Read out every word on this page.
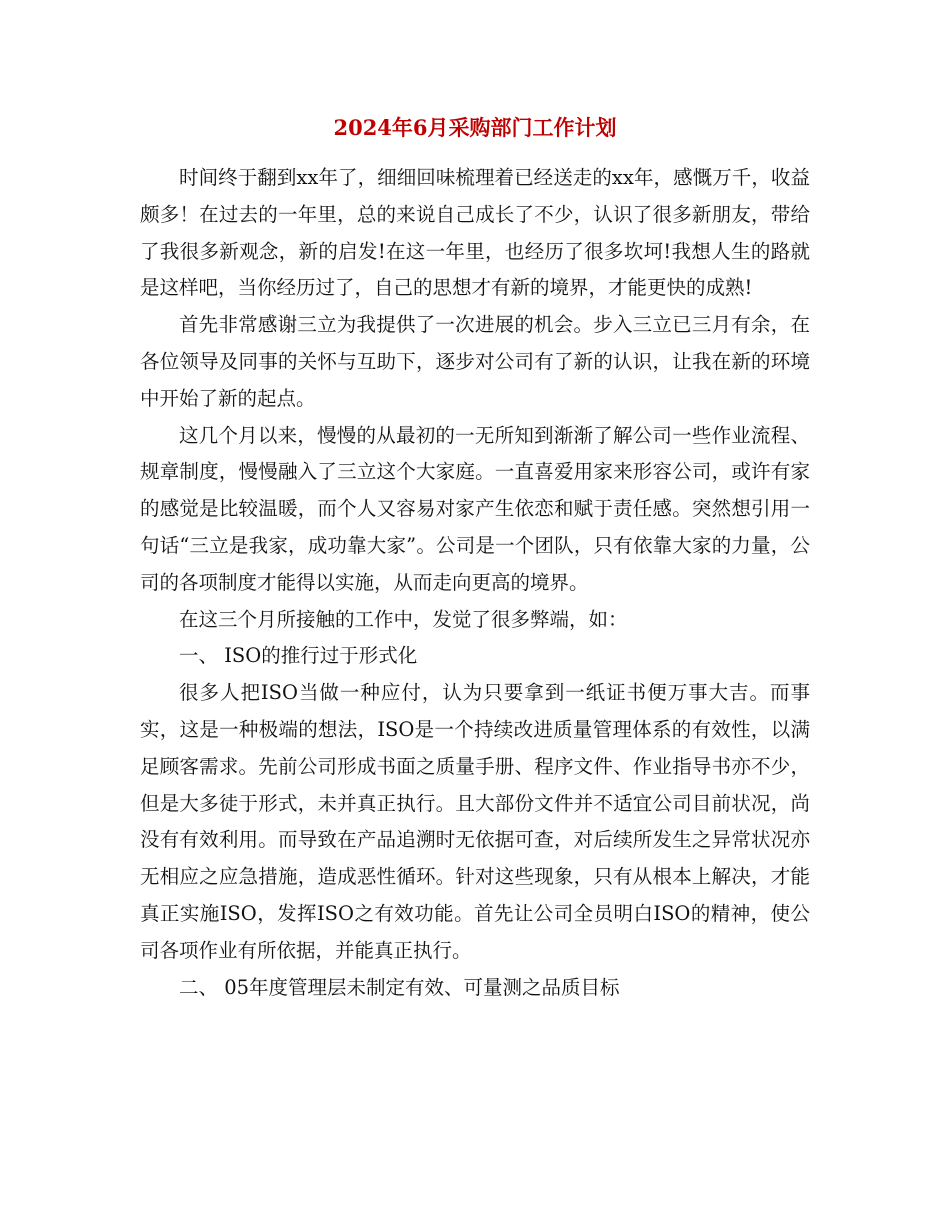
2024年6月采购部门工作计划

时间终于翻到xx年了，细细回味梳理着已经送走的xx年，感慨万千，收益颇多！在过去的一年里，总的来说自己成长了不少，认识了很多新朋友，带给了我很多新观念，新的启发!在这一年里，也经历了很多坎坷!我想人生的路就是这样吧，当你经历过了，自己的思想才有新的境界，才能更快的成熟!

首先非常感谢三立为我提供了一次进展的机会。步入三立已三月有余，在各位领导及同事的关怀与互助下，逐步对公司有了新的认识，让我在新的环境中开始了新的起点。

这几个月以来，慢慢的从最初的一无所知到渐渐了解公司一些作业流程、规章制度，慢慢融入了三立这个大家庭。一直喜爱用家来形容公司，或许有家的感觉是比较温暖，而个人又容易对家产生依恋和赋于责任感。突然想引用一句话“三立是我家，成功靠大家”。公司是一个团队，只有依靠大家的力量，公司的各项制度才能得以实施，从而走向更高的境界。

在这三个月所接触的工作中，发觉了很多弊端，如：

一、 ISO的推行过于形式化

很多人把ISO当做一种应付，认为只要拿到一纸证书便万事大吉。而事实，这是一种极端的想法，ISO是一个持续改进质量管理体系的有效性，以满足顾客需求。先前公司形成书面之质量手册、程序文件、作业指导书亦不少，但是大多徒于形式，未并真正执行。且大部份文件并不适宜公司目前状况，尚没有有效利用。而导致在产品追溯时无依据可查，对后续所发生之异常状况亦无相应之应急措施，造成恶性循环。针对这些现象，只有从根本上解决，才能真正实施ISO，发挥ISO之有效功能。首先让公司全员明白ISO的精神，使公司各项作业有所依据，并能真正执行。

二、 05年度管理层未制定有效、可量测之品质目标
